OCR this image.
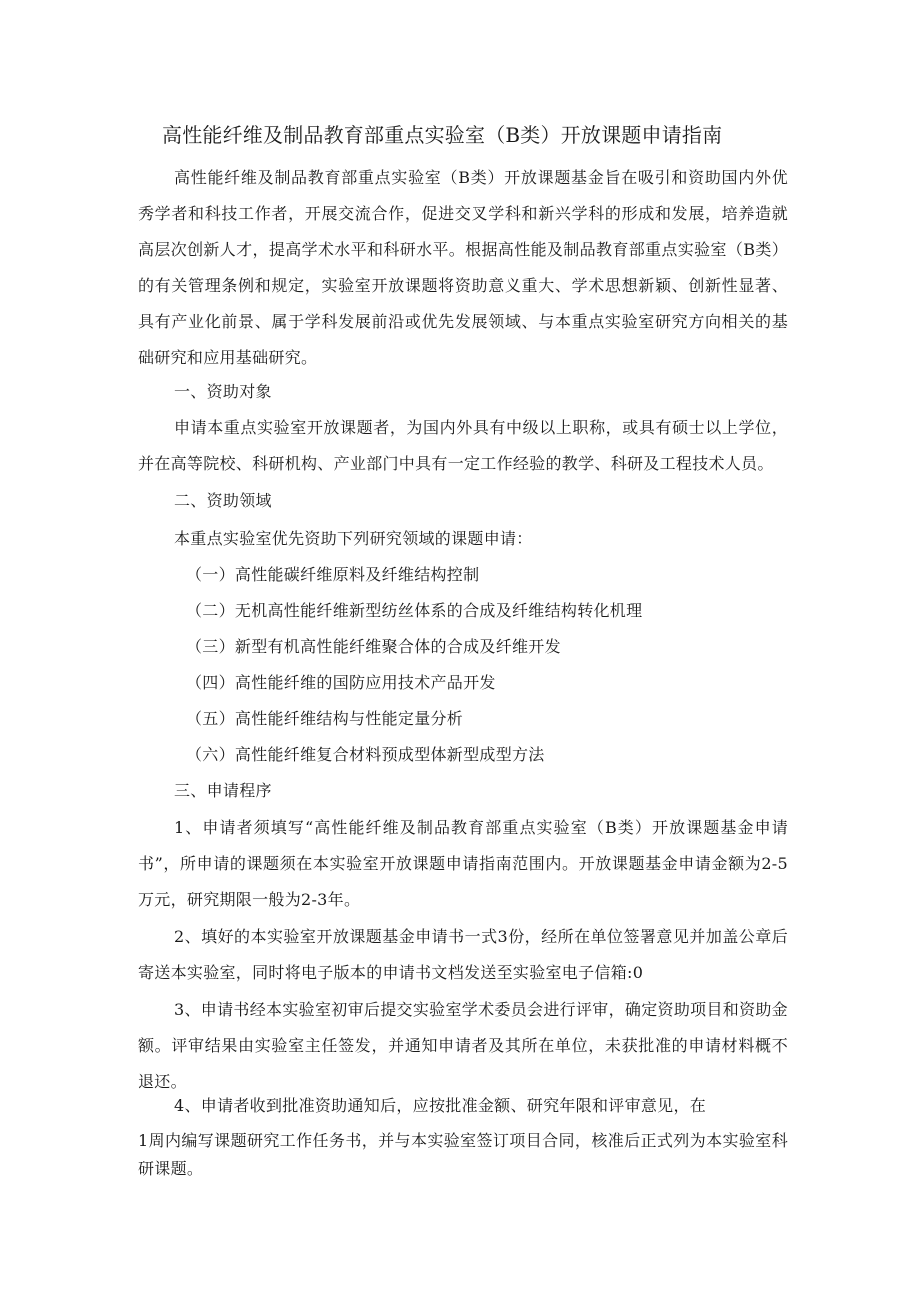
高性能纤维及制品教育部重点实验室（B类）开放课题申请指南
高性能纤维及制品教育部重点实验室（B类）开放课题基金旨在吸引和资助国内外优秀学者和科技工作者，开展交流合作，促进交叉学科和新兴学科的形成和发展，培养造就高层次创新人才，提高学术水平和科研水平。根据高性能及制品教育部重点实验室（B类）的有关管理条例和规定，实验室开放课题将资助意义重大、学术思想新颖、创新性显著、具有产业化前景、属于学科发展前沿或优先发展领域、与本重点实验室研究方向相关的基础研究和应用基础研究。
一、资助对象
申请本重点实验室开放课题者，为国内外具有中级以上职称，或具有硕士以上学位，并在高等院校、科研机构、产业部门中具有一定工作经验的教学、科研及工程技术人员。
二、资助领域
本重点实验室优先资助下列研究领域的课题申请：
（一）高性能碳纤维原料及纤维结构控制
（二）无机高性能纤维新型纺丝体系的合成及纤维结构转化机理
（三）新型有机高性能纤维聚合体的合成及纤维开发
（四）高性能纤维的国防应用技术产品开发
（五）高性能纤维结构与性能定量分析
（六）高性能纤维复合材料预成型体新型成型方法
三、申请程序
1、申请者须填写“高性能纤维及制品教育部重点实验室（B类）开放课题基金申请书”，所申请的课题须在本实验室开放课题申请指南范围内。开放课题基金申请金额为2-5万元，研究期限一般为2-3年。
2、填好的本实验室开放课题基金申请书一式3份，经所在单位签署意见并加盖公章后寄送本实验室，同时将电子版本的申请书文档发送至实验室电子信箱:0
3、申请书经本实验室初审后提交实验室学术委员会进行评审，确定资助项目和资助金额。评审结果由实验室主任签发，并通知申请者及其所在单位，未获批准的申请材料概不退还。
4、申请者收到批准资助通知后，应按批准金额、研究年限和评审意见，在
1周内编写课题研究工作任务书，并与本实验室签订项目合同，核准后正式列为本实验室科研课题。
